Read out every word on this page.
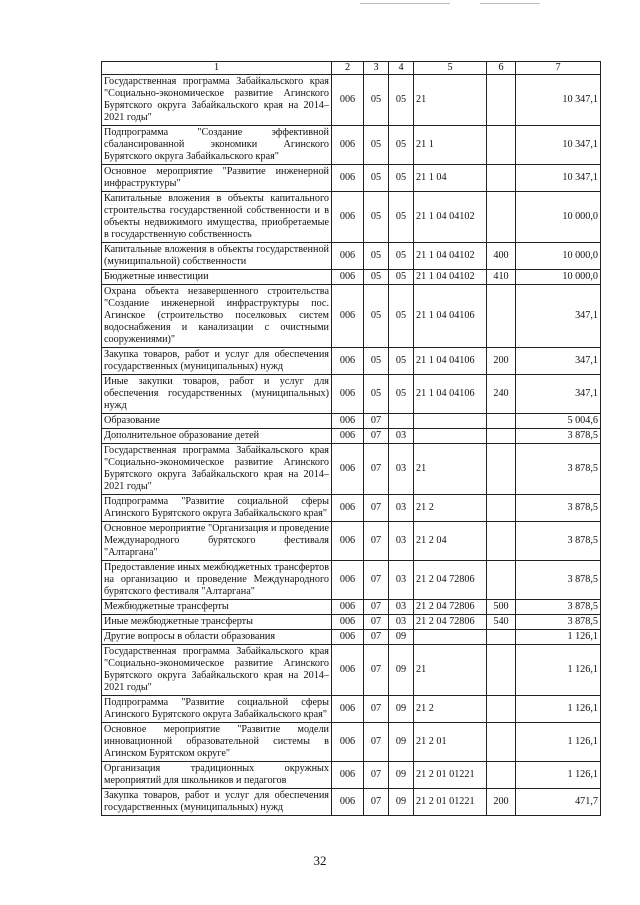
1	2	3	4	5	6	7
Государственная программа Забайкальского края "Социально-экономическое развитие Агинского Бурятского округа Забайкальского края на 2014–2021 годы"	006	05	05	21		10 347,1
Подпрограмма "Создание эффективной сбалансированной экономики Агинского Бурятского округа Забайкальского края"	006	05	05	21 1		10 347,1
Основное мероприятие "Развитие инженерной инфраструктуры"	006	05	05	21 1 04		10 347,1
Капитальные вложения в объекты капитального строительства государственной собственности и в объекты недвижимого имущества, приобретаемые в государственную собственность	006	05	05	21 1 04 04102		10 000,0
Капитальные вложения в объекты государственной (муниципальной) собственности	006	05	05	21 1 04 04102	400	10 000,0
Бюджетные инвестиции	006	05	05	21 1 04 04102	410	10 000,0
Охрана объекта незавершенного строительства "Создание инженерной инфраструктуры пос. Агинское (строительство поселковых систем водоснабжения и канализации с очистными сооружениями)"	006	05	05	21 1 04 04106		347,1
Закупка товаров, работ и услуг для обеспечения государственных (муниципальных) нужд	006	05	05	21 1 04 04106	200	347,1
Иные закупки товаров, работ и услуг для обеспечения государственных (муниципальных) нужд	006	05	05	21 1 04 04106	240	347,1
Образование	006	07				5 004,6
Дополнительное образование детей	006	07	03			3 878,5
Государственная программа Забайкальского края "Социально-экономическое развитие Агинского Бурятского округа Забайкальского края на 2014–2021 годы"	006	07	03	21		3 878,5
Подпрограмма "Развитие социальной сферы Агинского Бурятского округа Забайкальского края"	006	07	03	21 2		3 878,5
Основное мероприятие "Организация и проведение Международного бурятского фестиваля "Алтаргана"	006	07	03	21 2 04		3 878,5
Предоставление иных межбюджетных трансфертов на организацию и проведение Международного бурятского фестиваля "Алтаргана"	006	07	03	21 2 04 72806		3 878,5
Межбюджетные трансферты	006	07	03	21 2 04 72806	500	3 878,5
Иные межбюджетные трансферты	006	07	03	21 2 04 72806	540	3 878,5
Другие вопросы в области образования	006	07	09			1 126,1
Государственная программа Забайкальского края "Социально-экономическое развитие Агинского Бурятского округа Забайкальского края на 2014–2021 годы"	006	07	09	21		1 126,1
Подпрограмма "Развитие социальной сферы Агинского Бурятского округа Забайкальского края"	006	07	09	21 2		1 126,1
Основное мероприятие "Развитие модели инновационной образовательной системы в Агинском Бурятском округе"	006	07	09	21 2 01		1 126,1
Организация традиционных окружных мероприятий для школьников и педагогов	006	07	09	21 2 01 01221		1 126,1
Закупка товаров, работ и услуг для обеспечения государственных (муниципальных) нужд	006	07	09	21 2 01 01221	200	471,7
32
